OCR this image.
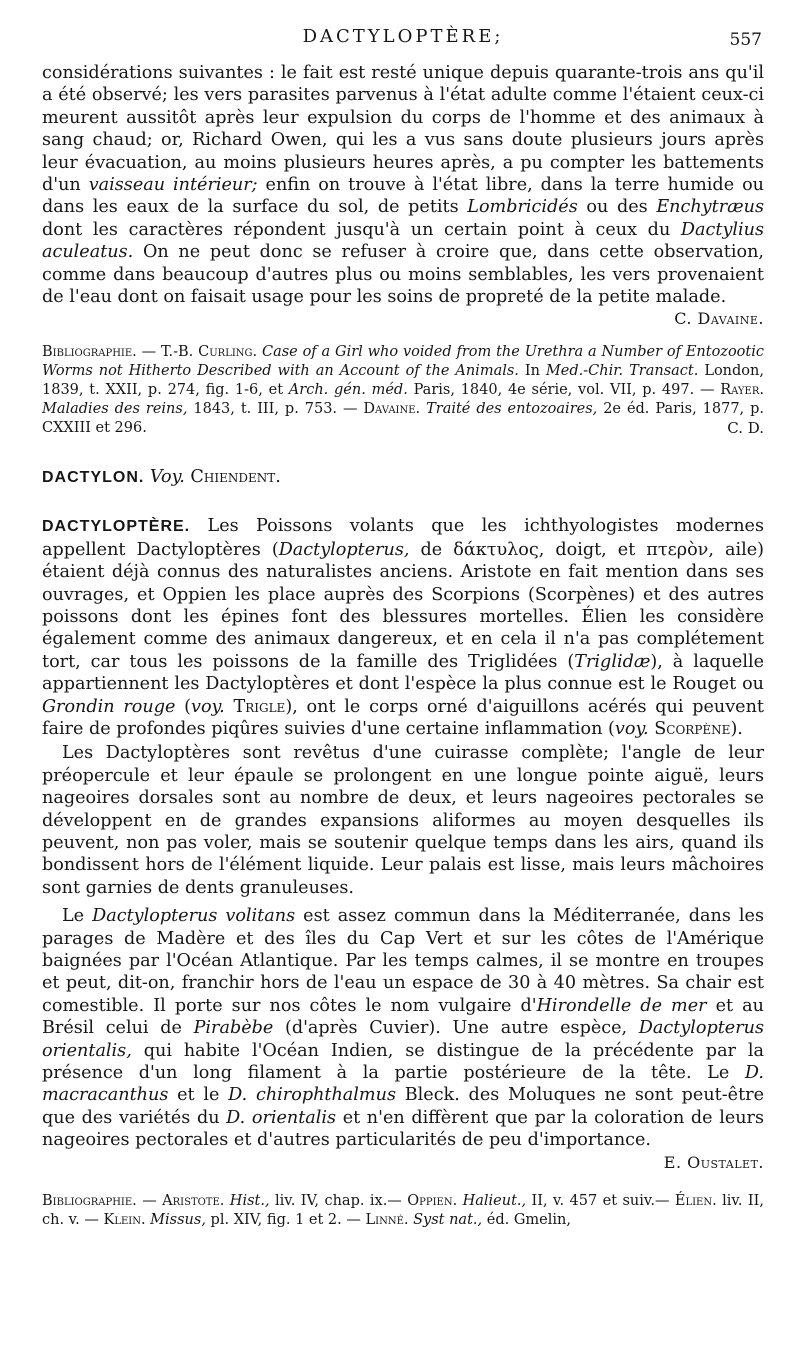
DACTYLOPTÈRE;	557

considérations suivantes : le fait est resté unique depuis quarante-trois ans qu'il a été observé; les vers parasites parvenus à l'état adulte comme l'étaient ceux-ci meurent aussitôt après leur expulsion du corps de l'homme et des animaux à sang chaud; or, Richard Owen, qui les a vus sans doute plusieurs jours après leur évacuation, au moins plusieurs heures après, a pu compter les battements d'un vaisseau intérieur; enfin on trouve à l'état libre, dans la terre humide ou dans les eaux de la surface du sol, de petits Lombricidés ou des Enchytræus dont les caractères répondent jusqu'à un certain point à ceux du Dactylius aculeatus. On ne peut donc se refuser à croire que, dans cette observation, comme dans beaucoup d'autres plus ou moins semblables, les vers provenaient de l'eau dont on faisait usage pour les soins de propreté de la petite malade.
C. Davaine.

Bibliographie. — T.-B. Curling. Case of a Girl who voided from the Urethra a Number of Entozootic Worms not Hitherto Described with an Account of the Animals. In Med.-Chir. Transact. London, 1839, t. XXII, p. 274, fig. 1-6, et Arch. gén. méd. Paris, 1840, 4e série, vol. VII, p. 497. — Rayer. Maladies des reins, 1843, t. III, p. 753. — Davaine. Traité des entozoaires, 2e éd. Paris, 1877, p. CXXIII et 296.	C. D.

DACTYLON. Voy. Chiendent.

DACTYLOPTÈRE. Les Poissons volants que les ichthyologistes modernes appellent Dactyloptères (Dactylopterus, de δάκτυλος, doigt, et πτερὸν, aile) étaient déjà connus des naturalistes anciens. Aristote en fait mention dans ses ouvrages, et Oppien les place auprès des Scorpions (Scorpènes) et des autres poissons dont les épines font des blessures mortelles. Élien les considère également comme des animaux dangereux, et en cela il n'a pas complétement tort, car tous les poissons de la famille des Triglidées (Triglidæ), à laquelle appartiennent les Dactyloptères et dont l'espèce la plus connue est le Rouget ou Grondin rouge (voy. Trigle), ont le corps orné d'aiguillons acérés qui peuvent faire de profondes piqûres suivies d'une certaine inflammation (voy. Scorpène).

Les Dactyloptères sont revêtus d'une cuirasse complète; l'angle de leur préopercule et leur épaule se prolongent en une longue pointe aiguë, leurs nageoires dorsales sont au nombre de deux, et leurs nageoires pectorales se développent en de grandes expansions aliformes au moyen desquelles ils peuvent, non pas voler, mais se soutenir quelque temps dans les airs, quand ils bondissent hors de l'élément liquide. Leur palais est lisse, mais leurs mâchoires sont garnies de dents granuleuses.

Le Dactylopterus volitans est assez commun dans la Méditerranée, dans les parages de Madère et des îles du Cap Vert et sur les côtes de l'Amérique baignées par l'Océan Atlantique. Par les temps calmes, il se montre en troupes et peut, dit-on, franchir hors de l'eau un espace de 30 à 40 mètres. Sa chair est comestible. Il porte sur nos côtes le nom vulgaire d'Hirondelle de mer et au Brésil celui de Pirabèbe (d'après Cuvier). Une autre espèce, Dactylopterus orientalis, qui habite l'Océan Indien, se distingue de la précédente par la présence d'un long filament à la partie postérieure de la tête. Le D. macracanthus et le D. chirophthalmus Bleck. des Moluques ne sont peut-être que des variétés du D. orientalis et n'en diffèrent que par la coloration de leurs nageoires pectorales et d'autres particularités de peu d'importance.
E. Oustalet.

Bibliographie. — Aristote. Hist., liv. IV, chap. ix.— Oppien. Halieut., II, v. 457 et suiv.— Élien. liv. II, ch. v. — Klein. Missus, pl. XIV, fig. 1 et 2. — Linné. Syst nat., éd. Gmelin,
